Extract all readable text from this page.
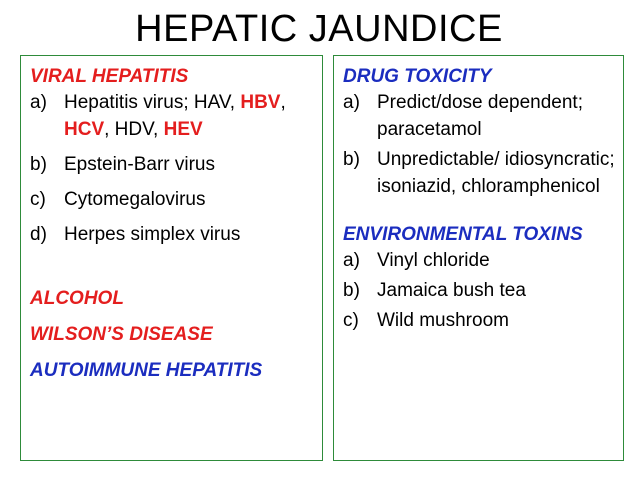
HEPATIC JAUNDICE
VIRAL HEPATITIS
a) Hepatitis virus; HAV, HBV, HCV, HDV, HEV
b) Epstein-Barr virus
c) Cytomegalovirus
d) Herpes simplex virus
ALCOHOL
WILSON’S DISEASE
AUTOIMMUNE HEPATITIS
DRUG TOXICITY
a) Predict/dose dependent; paracetamol
b) Unpredictable/ idiosyncratic; isoniazid, chloramphenicol
ENVIRONMENTAL TOXINS
a) Vinyl chloride
b) Jamaica bush tea
c) Wild mushroom
